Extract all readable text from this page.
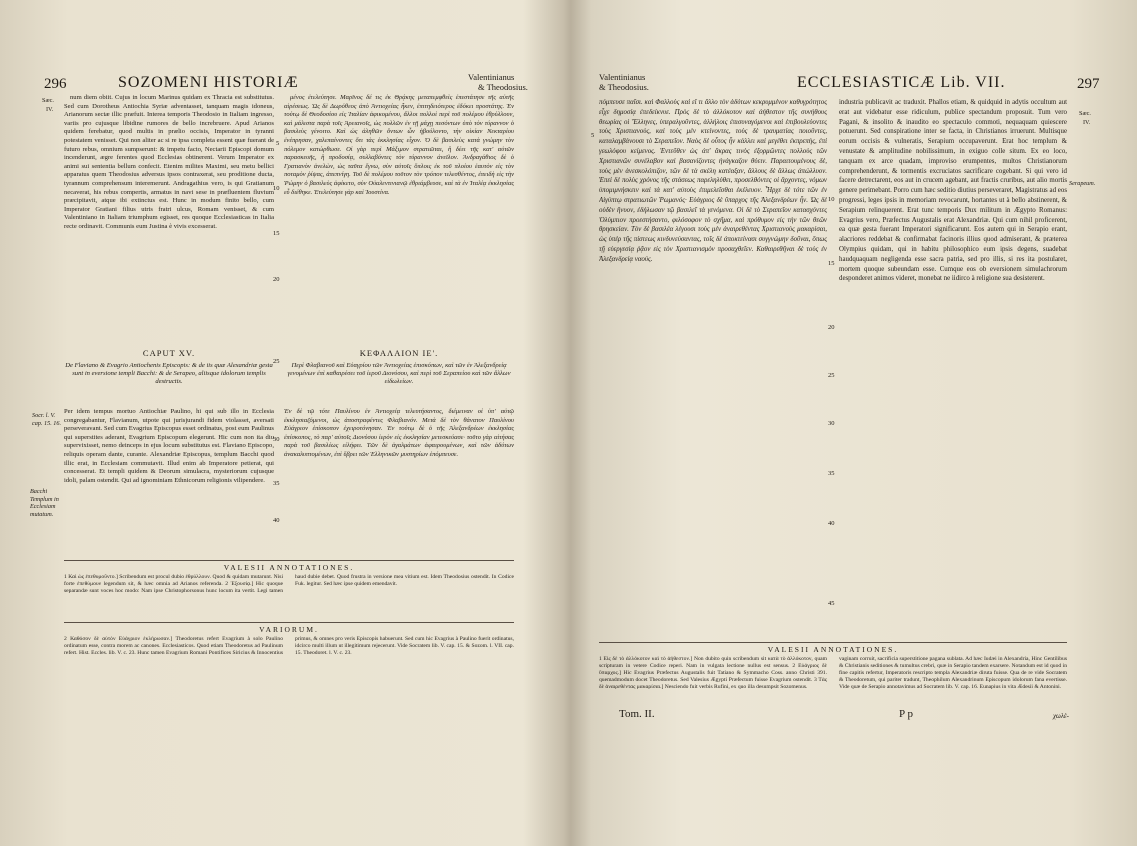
296	SOZOMENI HISTORIÆ	Valentinianus
& Theodosius.
Sæc.
IV.

num diem obiit. Cujus in locum Marinus quidam ex Thracia est substitutus. Sed cum Dorotheus Antiochia Syriæ adventasset, tanquam magis idoneus, Arianorum sectæ illic præfuit. Interea temporis Theodosio in Italiam ingresso, variis pro cujusque libidine rumores de bello increbruere. Apud Arianos quidem ferebatur, quod multis in prælio occisis, Imperator in tyranni potestatem venisset. Qui non aliter ac si re ipsa completa essent quæ fuerant de futuro rebus, omnium sumpserunt: & impetu facto, Nectarii Episcopi domum incenderunt, ægre ferentes quod Ecclesias obtinerent. Verum Imperator ex animi sui sententia bellum confecit. Etenim milites Maximi, seu metu bellici apparatus quem Theodosius adversus ipsos contraxerat, seu proditione ducta, tyrannum comprehensum interemerunt. Andragathius vero, is qui Gratianum necaverat, his rebus compertis, armatus in navi sese in præfluentem fluvium præcipitavit, atque ibi extinctus est. Hunc in modum finito bello, cum Imperator Gratiani filius utris fratri ulcus, Romam venisset, & cum Valentiniano in Italiam triumphum egisset, res quoque Ecclesiasticas in Italia recte ordinavit. Communis eum Justina è vivis excesserat.

μένος ἐτελεύτησε. Μαρῖνος δέ τις ἐκ Θρᾴκης μεταπεμφθεὶς ἐπεστάτησε τῆς αὐτῆς αἱρέσεως. Ὡς δὲ Δωρόθεος ἀπὸ Ἀντιοχείας ἧκεν, ἐπιτηδειότερος ἐδόκει προστάτης. Ἐν τούτῳ δὲ Θεοδοσίου εἰς Ἰταλίαν ἀφικομένου, ἄλλοι πολλοὶ περὶ τοῦ πολέμου ἐθρύλλουν, καὶ μάλιστα παρὰ τοῖς Ἀρειανοῖς, ὡς πολλῶν ἐν τῇ μάχῃ πεσόντων ὑπὸ τὸν τύραννον ὁ βασιλεὺς γένοιτο. Καὶ ὡς ἀληθῶν ὄντων ὧν ἠβούλοντο, τὴν οἰκίαν Νεκταρίου ἐνέπρησαν, χαλεπαίνοντες ὅτι τὰς ἐκκλησίας εἶχον. Ὁ δὲ βασιλεὺς κατὰ γνώμην τὸν πόλεμον κατώρθωσε. Οἱ γὰρ περὶ Μάξιμον στρατιῶται, ἢ δέει τῆς κατ' αὐτῶν παρασκευῆς, ἢ προδοσίᾳ, συλλαβόντες τὸν τύραννον ἀνεῖλον. Ἀνδραγάθιος δὲ ὁ Γρατιανὸν ἀνελὼν, ὡς ταῦτα ἔγνω, σὺν αὐτοῖς ὅπλοις ἐκ τοῦ πλοίου ἑαυτὸν εἰς τὸν ποταμὸν ῥίψας, ἀπεπνίγη. Τοῦ δὲ πολέμου τοῦτον τὸν τρόπον τελεσθέντος, ἐπειδὴ εἰς τὴν Ῥώμην ὁ βασιλεὺς ἀφίκετο, σὺν Οὐαλεντινιανῷ ἐθριάμβευσε, καὶ τὰ ἐν Ἰταλίᾳ ἐκκλησίας εὖ διέθηκε. Ἐτελεύτησε γὰρ καὶ Ἰουστίνα.

5
10
15
20
25
30
35
40
CAPUT XV.	ΚΕΦΑΛΑΙΟΝ ΙΕ'.
De Flaviano & Evagrio Antiochenis Episcopis: & de iis quæ Alexandriæ gesta sunt in eversione templi Bacchi: & de Serapeo, aliisque idolorum templis destructis.
Περὶ Φλαβιανοῦ καὶ Εὐαγρίου τῶν Ἀντιοχείας ἐπισκόπων, καὶ τῶν ἐν Ἀλεξανδρείᾳ γενομένων ἐπὶ καθαιρέσει τοῦ ἱεροῦ Διονύσου, καὶ περὶ τοῦ Σεραπείου καὶ τῶν ἄλλων εἰδωλείων.
Socr. l. V. cap. 15. 16.
Bacchi Templum in Ecclesiam mutatum.

Per idem tempus mortuo Antiochiæ Paulino, hi qui sub illo in Ecclesia congregabantur, Flavianum, utpote qui jurisjurandi fidem violasset, aversati perseveravant. Sed cum Evagrius Episcopus esset ordinatus, post eum Paulinus qui superstites aderant, Evagrium Episcopum elegerunt. Hic cum non ita diu supervixisset, nemo deinceps in ejus locum substitutus est. Flaviano Episcopo, reliquis operam dante, curante. Alexandriæ Episcopus, templum Bacchi quod illic erat, in Ecclesiam commutavit. Illud enim ab Imperatore petierat, qui concesserat. Et templi quidem & Deorum simulacra, mysteriorum cujusque idoli, palam ostendit. Qui ad ignominiam Ethnicorum religionis vilipendere.

Ἐν δὲ τῷ τότε Παυλίνου ἐν Ἀντιοχείᾳ τελευτήσαντος, διέμειναν οἱ ὑπ' αὐτῷ ἐκκλησιαζόμενοι, ὡς ἀποστραφέντες Φλαβιανόν. Μετὰ δὲ τὸν θάνατον Παυλίνου Εὐάγριον ἐπίσκοπον ἐχειροτόνησαν. Ἐν τούτῳ δὲ ὁ τῆς Ἀλεξανδρέων ἐκκλησίας ἐπίσκοπος, τὸ παρ' αὐτοῖς Διονύσου ἱερὸν εἰς ἐκκλησίαν μετεσκεύασε· τοῦτο γὰρ αἰτήσας παρὰ τοῦ βασιλέως εἰλήφει. Τῶν δὲ ἀγαλμάτων ἀφαιρουμένων, καὶ τῶν ἀδύτων ἀνακαλυπτομένων, ἐπὶ ὕβρει τῶν Ἑλληνικῶν μυστηρίων ἐπόμπευσε.

VALESII ANNOTATIONES.
1 Καὶ ὡς ἐπεθυμοῦντο.] Scribendum est procul dubio ἐθρύλλουν. Quod & quidam mutarunt. Nisi forte ἐπεθύμουν legendum sit, & hæc omnia ad Arianos referenda. 2 Ἐξουσίᾳ.] Hic quoque separandæ sunt voces hoc modo: Nam ipse Christophorsonus hunc locum ita vertit. Legi tamen haud dubie debet. Quod frustra in versione mea vitium est. Idem Theodosius ostendit. In Codice Fuk. legitur. Sed hæc ipse quidem emendavit.
VARIORUM.
2 Καθόσον δὲ αὐτὸν Εὐάγριον ἐκλήρωσαν.] Theodoretus refert Evagrium à solo Paulino ordinatum esse, contra morem ac canones. Ecclesiasticos. Quod etiam Theodoretus ad Paulinum refert. Hist. Eccles. lib. V. c. 23. Hunc tamen Evagrium Romani Pontifices Siricius & Innocentius primus, & omnes pro veris Episcopis habuerunt. Sed cum hic Evagrius à Paulino fuerit ordinatus, idcirco multi illum ut illegitimum rejecerunt. Vide Socratem lib. V. cap. 15. & Sozom. l. VII. cap. 15. Theodoret. l. V. c. 23.
Valentinianus
& Theodosius.	ECCLESIASTICÆ Lib. VII.	297
Sæc.
IV.
Serapeum.

πόμπευσε παῖσι. καὶ Φαλλοὺς καὶ εἴ τι ἄλλο τὸν ἀδύτων κεκρυμμένον καθυγρότητος εἶχε δημοσίᾳ ἐπεδείκνυε. Πρὸς δὲ τὸ ἀλλόκοτον καὶ ἀήθεστον τῆς συνήθους θεωρίας οἱ Ἕλληνες, ὑπεραλγοῦντες, ἀλλήλοις ἐπισυναγόμενοι καὶ ἐπιβουλεύοντες τοὺς Χριστιανοὺς, καὶ τοὺς μὲν κτείνοντες, τοὺς δὲ τραυματίας ποιοῦντες, καταλαμβάνουσι τὸ Σεραπεῖον. Ναὸς δὲ οὗτος ἦν κάλλει καὶ μεγέθει ἐκπρεπὴς, ἐπὶ γεωλόφου κείμενος. Ἐντεῦθεν ὡς ἀπ' ἄκρας τινὸς ἐξορμῶντες πολλοὺς τῶν Χριστιανῶν συνέλαβον καὶ βασανίζοντες ἠνάγκαζον θύειν. Παραιτουμένους δὲ, τοὺς μὲν ἀνεσκολόπιζον, τῶν δὲ τὰ σκέλη κατέαξαν, ἄλλους δὲ ἄλλως ἀπώλλυον. Ἐπεὶ δὲ πολὺς χρόνος τῆς στάσεως παρεληλύθει, προσελθόντες οἱ ἄρχοντες, νόμων ὑπομιμνήσκειν καὶ τὰ κατ' αὐτοὺς ἐπιμελεῖσθαι ἐκέλευον. Ἦρχε δὲ τότε τῶν ἐν Αἰγύπτῳ στρατιωτῶν Ῥωμανός· Εὐάγριος δὲ ὕπαρχος τῆς Ἀλεξανδρέων ἦν. Ὡς δὲ οὐδὲν ἤνυον, ἐδήλωσαν τῷ βασιλεῖ τὰ γενόμενα. Οἱ δὲ τὸ Σεραπεῖον κατασχόντες Ὀλύμπιον προεστήσαντο, φιλόσοφον τὸ σχῆμα, καὶ πρόθυμον εἰς τὴν τῶν θεῶν θρησκείαν. Τὸν δὲ βασιλέα λέγουσι τοὺς μὲν ἀναιρεθέντας Χριστιανοὺς μακαρίσαι, ὡς ὑπὲρ τῆς πίστεως κινδυνεύσαντας, τοῖς δὲ ἀποκτείνασι συγγνώμην δοῦναι, ὅπως τῇ εὐεργεσίᾳ ῥᾷον εἰς τὸν Χριστιανισμὸν προσαχθεῖεν. Καθαιρεθῆναι δὲ τοὺς ἐν Ἀλεξανδρείᾳ ναούς.

5
10
15
20
25
30
35
40
45

industria publicavit ac traduxit. Phallos etiam, & quidquid in adytis occultum aut erat aut videbatur esse ridiculum, publice spectandum proposuit. Tum vero Pagani, & insolito & inaudito eo spectaculo commoti, nequaquam quiescere potuerunt. Sed conspiratione inter se facta, in Christianos irruerunt. Multisque eorum occisis & vulneratis, Serapium occupaverunt. Erat hoc templum & venustate & amplitudine nobilissimum, in exiguo colle situm. Ex eo loco, tanquam ex arce quadam, improviso erumpentes, multos Christianorum comprehenderunt, & tormentis excruciatos sacrificare cogebant. Si qui vero id facere detrectarent, eos aut in crucem agebant, aut fractis cruribus, aut alio mortis genere perimebant. Porro cum hæc seditio diutius perseveraret, Magistratus ad eos progressi, leges ipsis in memoriam revocarunt, hortantes ut à bello abstinerent, & Serapium relinquerent. Erat tunc temporis Dux militum in Ægypto Romanus: Evagrius vero, Præfectus Augustalis erat Alexandriæ. Qui cum nihil proficerent, ea quæ gesta fuerant Imperatori significarunt. Eos autem qui in Serapio erant, alacriores reddebat & confirmabat facinoris illius quod admiserant, & præterea Olympius quidam, qui in habitu philosophico eum ipsis degens, suadebat haudquaquam negligenda esse sacra patria, sed pro illis, si res ita postularet, mortem quoque subeundam esse. Cumque eos ob eversionem simulachrorum desponderet animos videret, monebat ne iidirco à religione sua desisterent.

VALESII ANNOTATIONES.
1 Εἰς δὲ τὸ ἀλλόκοτον καὶ τὸ ἀήθεστον.] Non dubito quin scribendum sit κατὰ τὸ ἀλλόκοτον, quam scripturam in vetere Codice reperi. Nam in vulgata lectione nullus est sensus. 2 Εὐάγριος δὲ ὕπαρχος.] Hic Evagrius Præfectus Augustalis fuit Tatiano & Symmacho Coss. anno Christi 391. quemadmodum docet Theodoretus. Sed Valesius Ægypti Præfectum fuisse Evagrium ostendit. 3 Τὰς δὲ ἀναιρεθέντας μακαρίσαι.] Nesciendo fuit verbis Rufini, ex quo illa desumpsit Sozomenus.
vaginam corruit, sacrificia superstitione pagana sublata. Ad hæc Iudæi in Alexandria, Hinc Gentilibus & Christianis seditiones & tumultus crebri, quæ in Serapio tandem exarsere. Notandum est id quod in fine capitis refertur, Imperatoris rescripto templa Alexandriæ diruta fuisse. Qua de re vide Socratem & Theodoretum, qui pariter tradunt, Theophilum Alexandrinum Episcopum idolorum fana evertisse. Vide quæ de Serapio annotavimus ad Socratem lib. V. cap. 16. Eunapius in vita Ædesii & Antonini.
Tom. II.	P p	χωλὲ-
